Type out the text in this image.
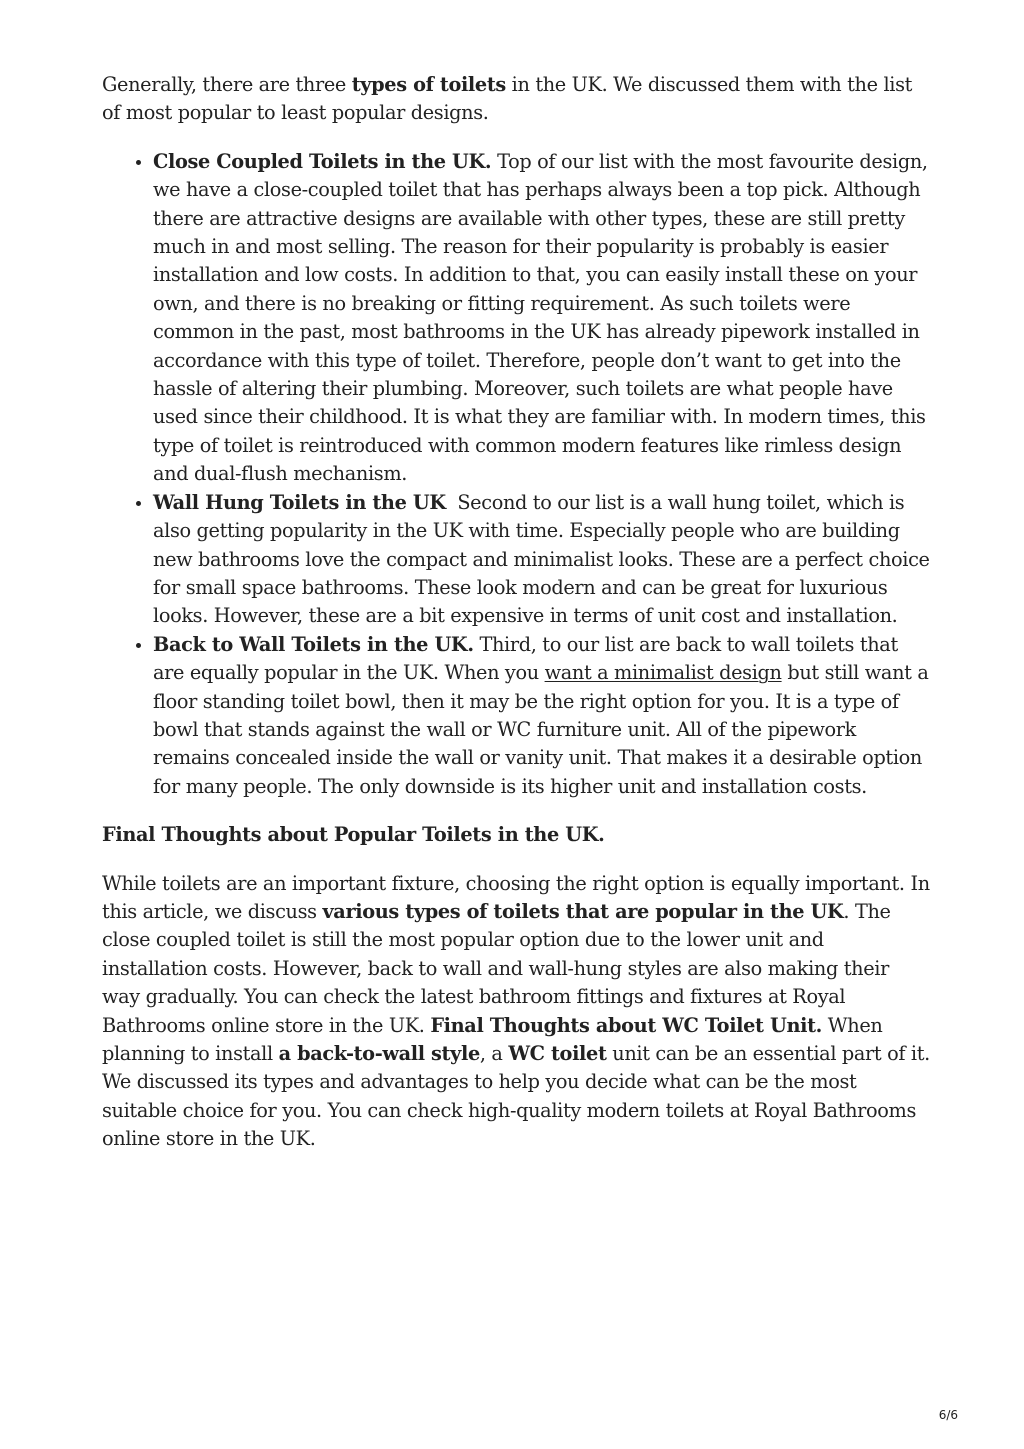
Generally, there are three types of toilets in the UK. We discussed them with the list of most popular to least popular designs.

• Close Coupled Toilets in the UK. Top of our list with the most favourite design, we have a close-coupled toilet that has perhaps always been a top pick. Although there are attractive designs are available with other types, these are still pretty much in and most selling. The reason for their popularity is probably is easier installation and low costs. In addition to that, you can easily install these on your own, and there is no breaking or fitting requirement. As such toilets were common in the past, most bathrooms in the UK has already pipework installed in accordance with this type of toilet. Therefore, people don’t want to get into the hassle of altering their plumbing. Moreover, such toilets are what people have used since their childhood. It is what they are familiar with. In modern times, this type of toilet is reintroduced with common modern features like rimless design and dual-flush mechanism.
• Wall Hung Toilets in the UK  Second to our list is a wall hung toilet, which is also getting popularity in the UK with time. Especially people who are building new bathrooms love the compact and minimalist looks. These are a perfect choice for small space bathrooms. These look modern and can be great for luxurious looks. However, these are a bit expensive in terms of unit cost and installation.
• Back to Wall Toilets in the UK. Third, to our list are back to wall toilets that are equally popular in the UK. When you want a minimalist design but still want a floor standing toilet bowl, then it may be the right option for you. It is a type of bowl that stands against the wall or WC furniture unit. All of the pipework remains concealed inside the wall or vanity unit. That makes it a desirable option for many people. The only downside is its higher unit and installation costs.

Final Thoughts about Popular Toilets in the UK.

While toilets are an important fixture, choosing the right option is equally important. In this article, we discuss various types of toilets that are popular in the UK. The close coupled toilet is still the most popular option due to the lower unit and installation costs. However, back to wall and wall-hung styles are also making their way gradually. You can check the latest bathroom fittings and fixtures at Royal Bathrooms online store in the UK. Final Thoughts about WC Toilet Unit. When planning to install a back-to-wall style, a WC toilet unit can be an essential part of it. We discussed its types and advantages to help you decide what can be the most suitable choice for you. You can check high-quality modern toilets at Royal Bathrooms online store in the UK.

6/6
